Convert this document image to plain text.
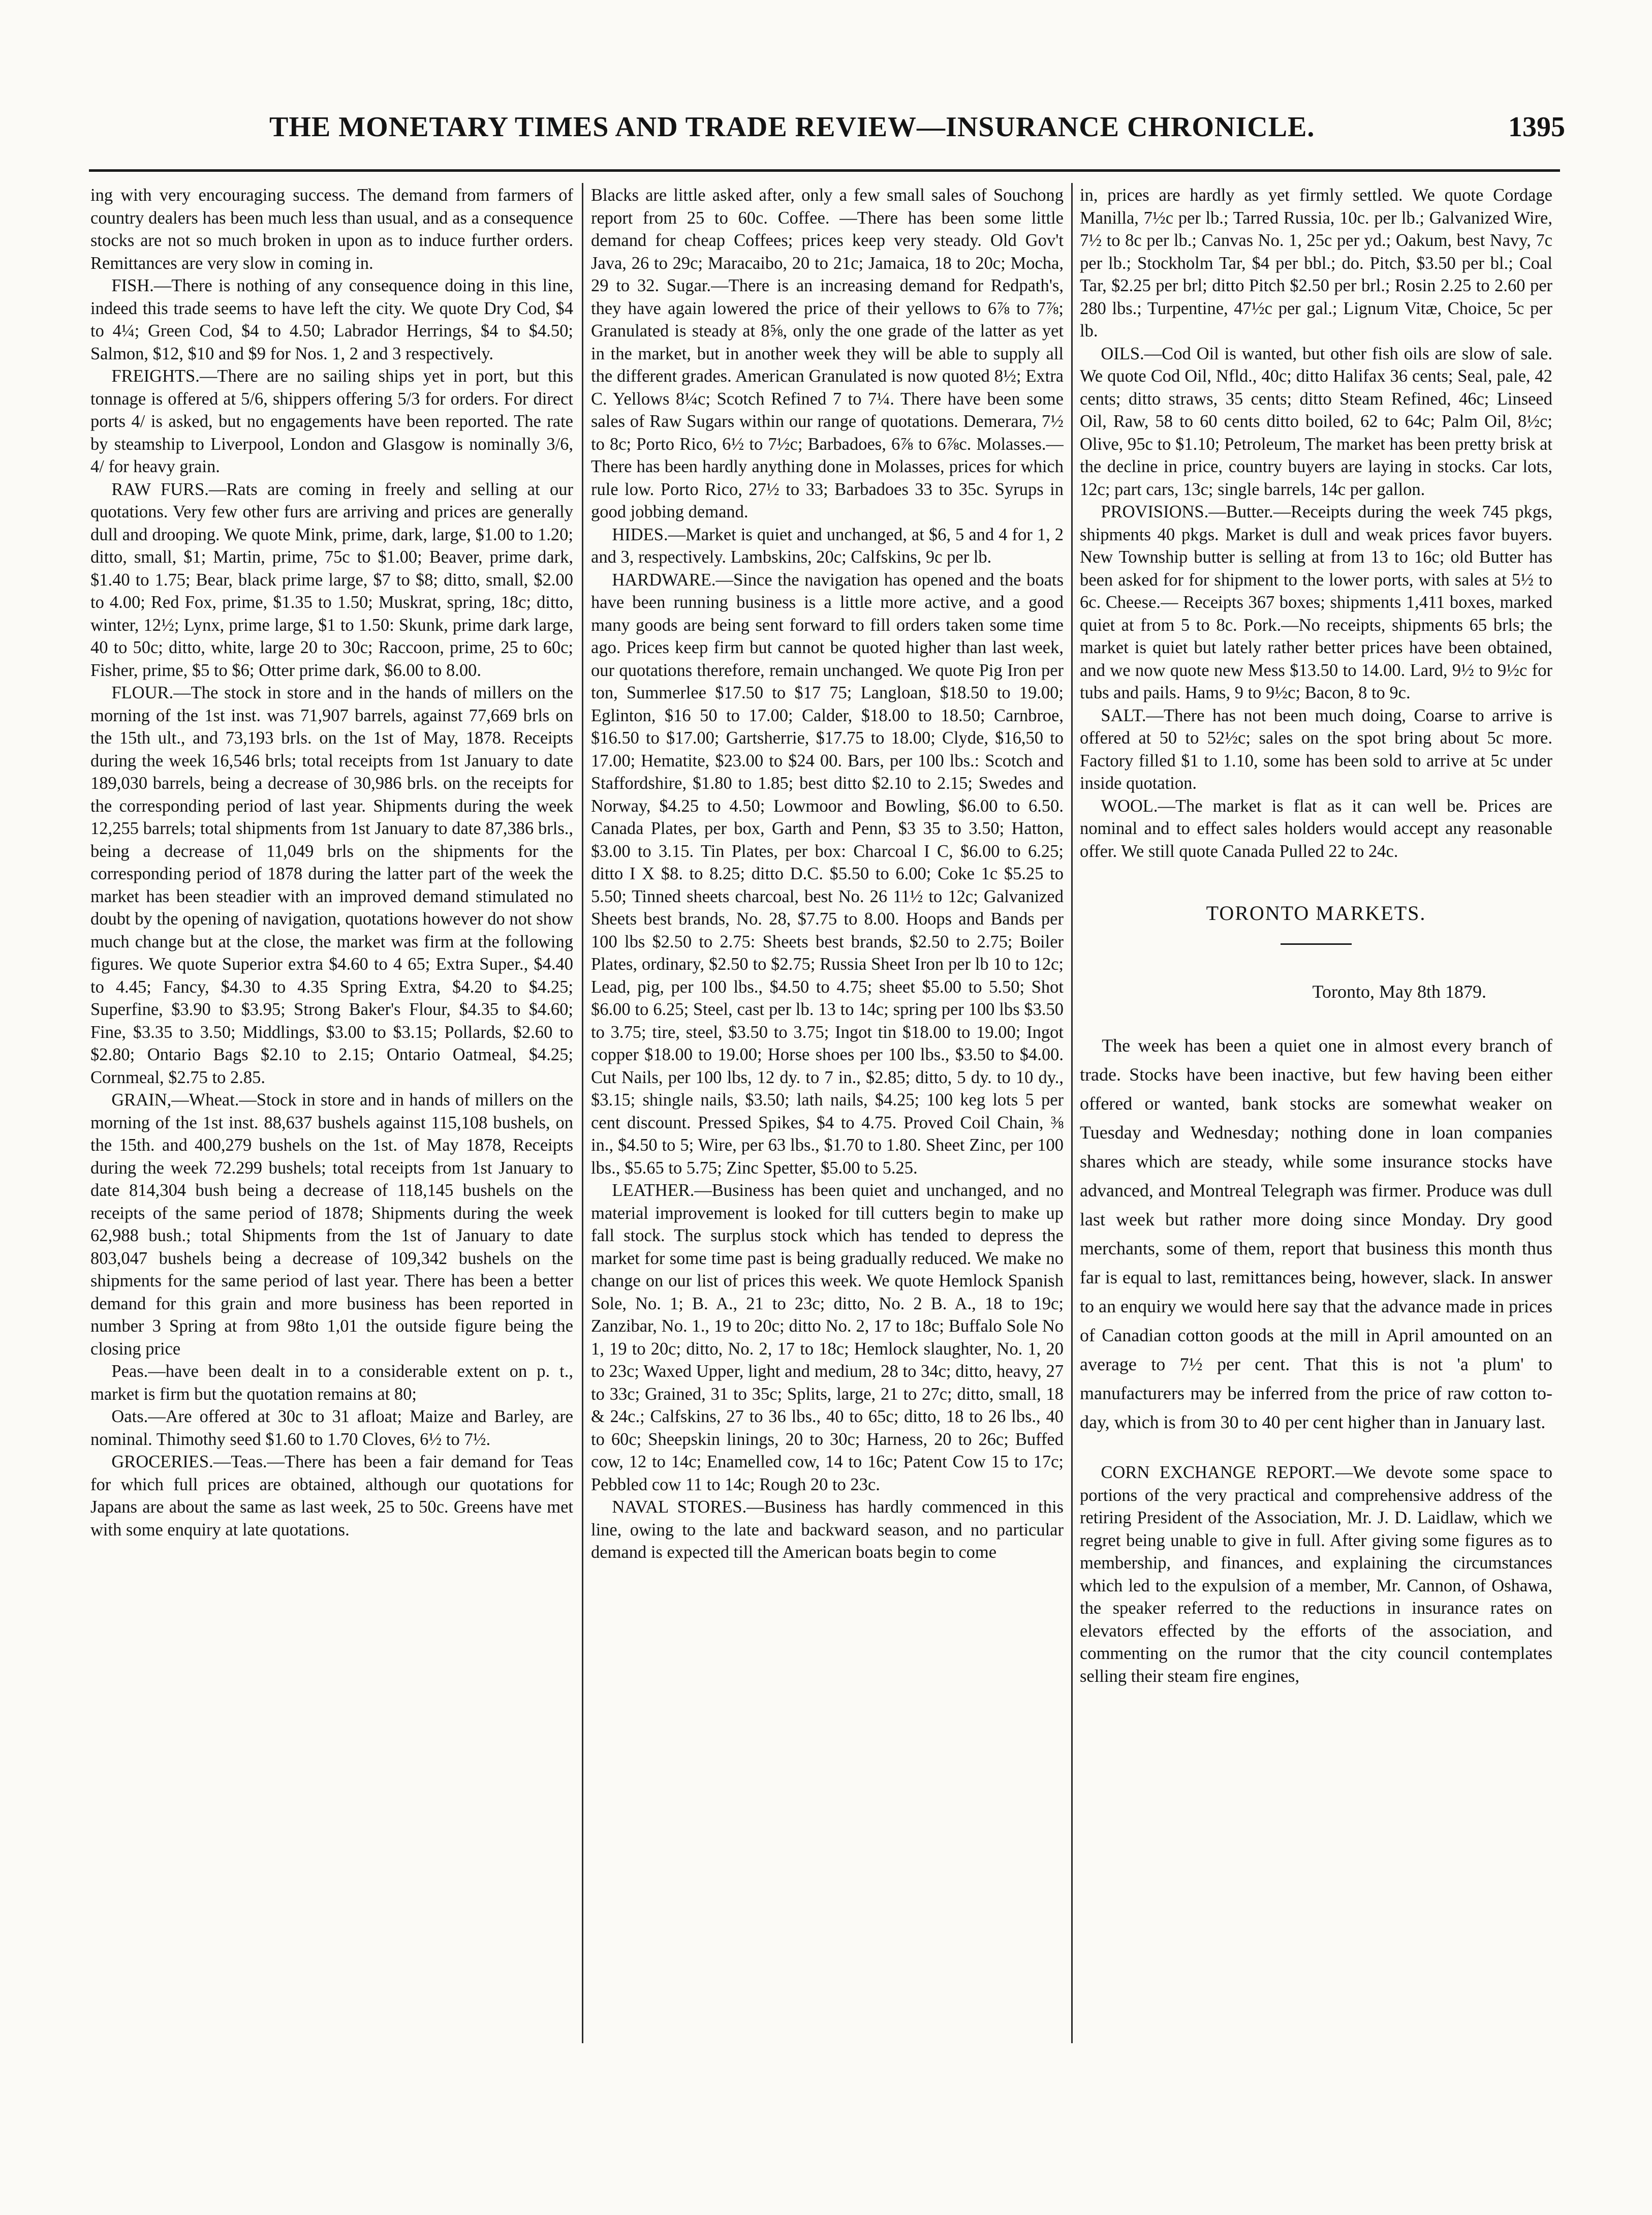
THE MONETARY TIMES AND TRADE REVIEW—INSURANCE CHRONICLE.	1395

ing with very encouraging success. The demand from farmers of country dealers has been much less than usual, and as a consequence stocks are not so much broken in upon as to induce further orders. Remittances are very slow in coming in.

FISH.—There is nothing of any consequence doing in this line, indeed this trade seems to have left the city. We quote Dry Cod, $4 to 4¼; Green Cod, $4 to 4.50; Labrador Herrings, $4 to $4.50; Salmon, $12, $10 and $9 for Nos. 1, 2 and 3 respectively.

FREIGHTS.—There are no sailing ships yet in port, but this tonnage is offered at 5/6, shippers offering 5/3 for orders. For direct ports 4/ is asked, but no engagements have been reported. The rate by steamship to Liverpool, London and Glasgow is nominally 3/6, 4/ for heavy grain.

RAW FURS.—Rats are coming in freely and selling at our quotations. Very few other furs are arriving and prices are generally dull and drooping. We quote Mink, prime, dark, large, $1.00 to 1.20; ditto, small, $1; Martin, prime, 75c to $1.00; Beaver, prime dark, $1.40 to 1.75; Bear, black prime large, $7 to $8; ditto, small, $2.00 to 4.00; Red Fox, prime, $1.35 to 1.50; Muskrat, spring, 18c; ditto, winter, 12½; Lynx, prime large, $1 to 1.50: Skunk, prime dark large, 40 to 50c; ditto, white, large 20 to 30c; Raccoon, prime, 25 to 60c; Fisher, prime, $5 to $6; Otter prime dark, $6.00 to 8.00.

FLOUR.—The stock in store and in the hands of millers on the morning of the 1st inst. was 71,907 barrels, against 77,669 brls on the 15th ult., and 73,193 brls. on the 1st of May, 1878. Receipts during the week 16,546 brls; total receipts from 1st January to date 189,030 barrels, being a decrease of 30,986 brls. on the receipts for the corresponding period of last year. Shipments during the week 12,255 barrels; total shipments from 1st January to date 87,386 brls., being a decrease of 11,049 brls on the shipments for the corresponding period of 1878 during the latter part of the week the market has been steadier with an improved demand stimulated no doubt by the opening of navigation, quotations however do not show much change but at the close, the market was firm at the following figures. We quote Superior extra $4.60 to 4 65; Extra Super., $4.40 to 4.45; Fancy, $4.30 to 4.35 Spring Extra, $4.20 to $4.25; Superfine, $3.90 to $3.95; Strong Baker's Flour, $4.35 to $4.60; Fine, $3.35 to 3.50; Middlings, $3.00 to $3.15; Pollards, $2.60 to $2.80; Ontario Bags $2.10 to 2.15; Ontario Oatmeal, $4.25; Cornmeal, $2.75 to 2.85.

GRAIN,—Wheat.—Stock in store and in hands of millers on the morning of the 1st inst. 88,637 bushels against 115,108 bushels, on the 15th. and 400,279 bushels on the 1st. of May 1878, Receipts during the week 72.299 bushels; total receipts from 1st January to date 814,304 bush being a decrease of 118,145 bushels on the receipts of the same period of 1878; Shipments during the week 62,988 bush.; total Shipments from the 1st of January to date 803,047 bushels being a decrease of 109,342 bushels on the shipments for the same period of last year. There has been a better demand for this grain and more business has been reported in number 3 Spring at from 98to 1,01 the outside figure being the closing price

Peas.—have been dealt in to a considerable extent on p. t., market is firm but the quotation remains at 80;

Oats.—Are offered at 30c to 31 afloat; Maize and Barley, are nominal. Thimothy seed $1.60 to 1.70 Cloves, 6½ to 7½.

GROCERIES.—Teas.—There has been a fair demand for Teas for which full prices are obtained, although our quotations for Japans are about the same as last week, 25 to 50c. Greens have met with some enquiry at late quotations.

Blacks are little asked after, only a few small sales of Souchong report from 25 to 60c. Coffee. —There has been some little demand for cheap Coffees; prices keep very steady. Old Gov't Java, 26 to 29c; Maracaibo, 20 to 21c; Jamaica, 18 to 20c; Mocha, 29 to 32. Sugar.—There is an increasing demand for Redpath's, they have again lowered the price of their yellows to 6⅞ to 7⅞; Granulated is steady at 8⅝, only the one grade of the latter as yet in the market, but in another week they will be able to supply all the different grades. American Granulated is now quoted 8½; Extra C. Yellows 8¼c; Scotch Refined 7 to 7¼. There have been some sales of Raw Sugars within our range of quotations. Demerara, 7½ to 8c; Porto Rico, 6½ to 7½c; Barbadoes, 6⅞ to 6⅞c. Molasses.—There has been hardly anything done in Molasses, prices for which rule low. Porto Rico, 27½ to 33; Barbadoes 33 to 35c. Syrups in good jobbing demand.

HIDES.—Market is quiet and unchanged, at $6, 5 and 4 for 1, 2 and 3, respectively. Lambskins, 20c; Calfskins, 9c per lb.

HARDWARE.—Since the navigation has opened and the boats have been running business is a little more active, and a good many goods are being sent forward to fill orders taken some time ago. Prices keep firm but cannot be quoted higher than last week, our quotations therefore, remain unchanged. We quote Pig Iron per ton, Summerlee $17.50 to $17 75; Langloan, $18.50 to 19.00; Eglinton, $16 50 to 17.00; Calder, $18.00 to 18.50; Carnbroe, $16.50 to $17.00; Gartsherrie, $17.75 to 18.00; Clyde, $16,50 to 17.00; Hematite, $23.00 to $24 00. Bars, per 100 lbs.: Scotch and Staffordshire, $1.80 to 1.85; best ditto $2.10 to 2.15; Swedes and Norway, $4.25 to 4.50; Lowmoor and Bowling, $6.00 to 6.50. Canada Plates, per box, Garth and Penn, $3 35 to 3.50; Hatton, $3.00 to 3.15. Tin Plates, per box: Charcoal I C, $6.00 to 6.25; ditto I X $8. to 8.25; ditto D.C. $5.50 to 6.00; Coke 1c $5.25 to 5.50; Tinned sheets charcoal, best No. 26 11½ to 12c; Galvanized Sheets best brands, No. 28, $7.75 to 8.00. Hoops and Bands per 100 lbs $2.50 to 2.75: Sheets best brands, $2.50 to 2.75; Boiler Plates, ordinary, $2.50 to $2.75; Russia Sheet Iron per lb 10 to 12c; Lead, pig, per 100 lbs., $4.50 to 4.75; sheet $5.00 to 5.50; Shot $6.00 to 6.25; Steel, cast per lb. 13 to 14c; spring per 100 lbs $3.50 to 3.75; tire, steel, $3.50 to 3.75; Ingot tin $18.00 to 19.00; Ingot copper $18.00 to 19.00; Horse shoes per 100 lbs., $3.50 to $4.00. Cut Nails, per 100 lbs, 12 dy. to 7 in., $2.85; ditto, 5 dy. to 10 dy., $3.15; shingle nails, $3.50; lath nails, $4.25; 100 keg lots 5 per cent discount. Pressed Spikes, $4 to 4.75. Proved Coil Chain, ⅜ in., $4.50 to 5; Wire, per 63 lbs., $1.70 to 1.80. Sheet Zinc, per 100 lbs., $5.65 to 5.75; Zinc Spetter, $5.00 to 5.25.

LEATHER.—Business has been quiet and unchanged, and no material improvement is looked for till cutters begin to make up fall stock. The surplus stock which has tended to depress the market for some time past is being gradually reduced. We make no change on our list of prices this week. We quote Hemlock Spanish Sole, No. 1; B. A., 21 to 23c; ditto, No. 2 B. A., 18 to 19c; Zanzibar, No. 1., 19 to 20c; ditto No. 2, 17 to 18c; Buffalo Sole No 1, 19 to 20c; ditto, No. 2, 17 to 18c; Hemlock slaughter, No. 1, 20 to 23c; Waxed Upper, light and medium, 28 to 34c; ditto, heavy, 27 to 33c; Grained, 31 to 35c; Splits, large, 21 to 27c; ditto, small, 18 & 24c.; Calfskins, 27 to 36 lbs., 40 to 65c; ditto, 18 to 26 lbs., 40 to 60c; Sheepskin linings, 20 to 30c; Harness, 20 to 26c; Buffed cow, 12 to 14c; Enamelled cow, 14 to 16c; Patent Cow 15 to 17c; Pebbled cow 11 to 14c; Rough 20 to 23c.

NAVAL STORES.—Business has hardly commenced in this line, owing to the late and backward season, and no particular demand is expected till the American boats begin to come

in, prices are hardly as yet firmly settled. We quote Cordage Manilla, 7½c per lb.; Tarred Russia, 10c. per lb.; Galvanized Wire, 7½ to 8c per lb.; Canvas No. 1, 25c per yd.; Oakum, best Navy, 7c per lb.; Stockholm Tar, $4 per bbl.; do. Pitch, $3.50 per bl.; Coal Tar, $2.25 per brl; ditto Pitch $2.50 per brl.; Rosin 2.25 to 2.60 per 280 lbs.; Turpentine, 47½c per gal.; Lignum Vitæ, Choice, 5c per lb.

OILS.—Cod Oil is wanted, but other fish oils are slow of sale. We quote Cod Oil, Nfld., 40c; ditto Halifax 36 cents; Seal, pale, 42 cents; ditto straws, 35 cents; ditto Steam Refined, 46c; Linseed Oil, Raw, 58 to 60 cents ditto boiled, 62 to 64c; Palm Oil, 8½c; Olive, 95c to $1.10; Petroleum, The market has been pretty brisk at the decline in price, country buyers are laying in stocks. Car lots, 12c; part cars, 13c; single barrels, 14c per gallon.

PROVISIONS.—Butter.—Receipts during the week 745 pkgs, shipments 40 pkgs. Market is dull and weak prices favor buyers. New Township butter is selling at from 13 to 16c; old Butter has been asked for for shipment to the lower ports, with sales at 5½ to 6c. Cheese.— Receipts 367 boxes; shipments 1,411 boxes, marked quiet at from 5 to 8c. Pork.—No receipts, shipments 65 brls; the market is quiet but lately rather better prices have been obtained, and we now quote new Mess $13.50 to 14.00. Lard, 9½ to 9½c for tubs and pails. Hams, 9 to 9½c; Bacon, 8 to 9c.

SALT.—There has not been much doing, Coarse to arrive is offered at 50 to 52½c; sales on the spot bring about 5c more. Factory filled $1 to 1.10, some has been sold to arrive at 5c under inside quotation.

WOOL.—The market is flat as it can well be. Prices are nominal and to effect sales holders would accept any reasonable offer. We still quote Canada Pulled 22 to 24c.

TORONTO MARKETS.
Toronto, May 8th 1879.

The week has been a quiet one in almost every branch of trade. Stocks have been inactive, but few having been either offered or wanted, bank stocks are somewhat weaker on Tuesday and Wednesday; nothing done in loan companies shares which are steady, while some insurance stocks have advanced, and Montreal Telegraph was firmer. Produce was dull last week but rather more doing since Monday. Dry good merchants, some of them, report that business this month thus far is equal to last, remittances being, however, slack. In answer to an enquiry we would here say that the advance made in prices of Canadian cotton goods at the mill in April amounted on an average to 7½ per cent. That this is not 'a plum' to manufacturers may be inferred from the price of raw cotton to-day, which is from 30 to 40 per cent higher than in January last.

CORN EXCHANGE REPORT.—We devote some space to portions of the very practical and comprehensive address of the retiring President of the Association, Mr. J. D. Laidlaw, which we regret being unable to give in full. After giving some figures as to membership, and finances, and explaining the circumstances which led to the expulsion of a member, Mr. Cannon, of Oshawa, the speaker referred to the reductions in insurance rates on elevators effected by the efforts of the association, and commenting on the rumor that the city council contemplates selling their steam fire engines,
